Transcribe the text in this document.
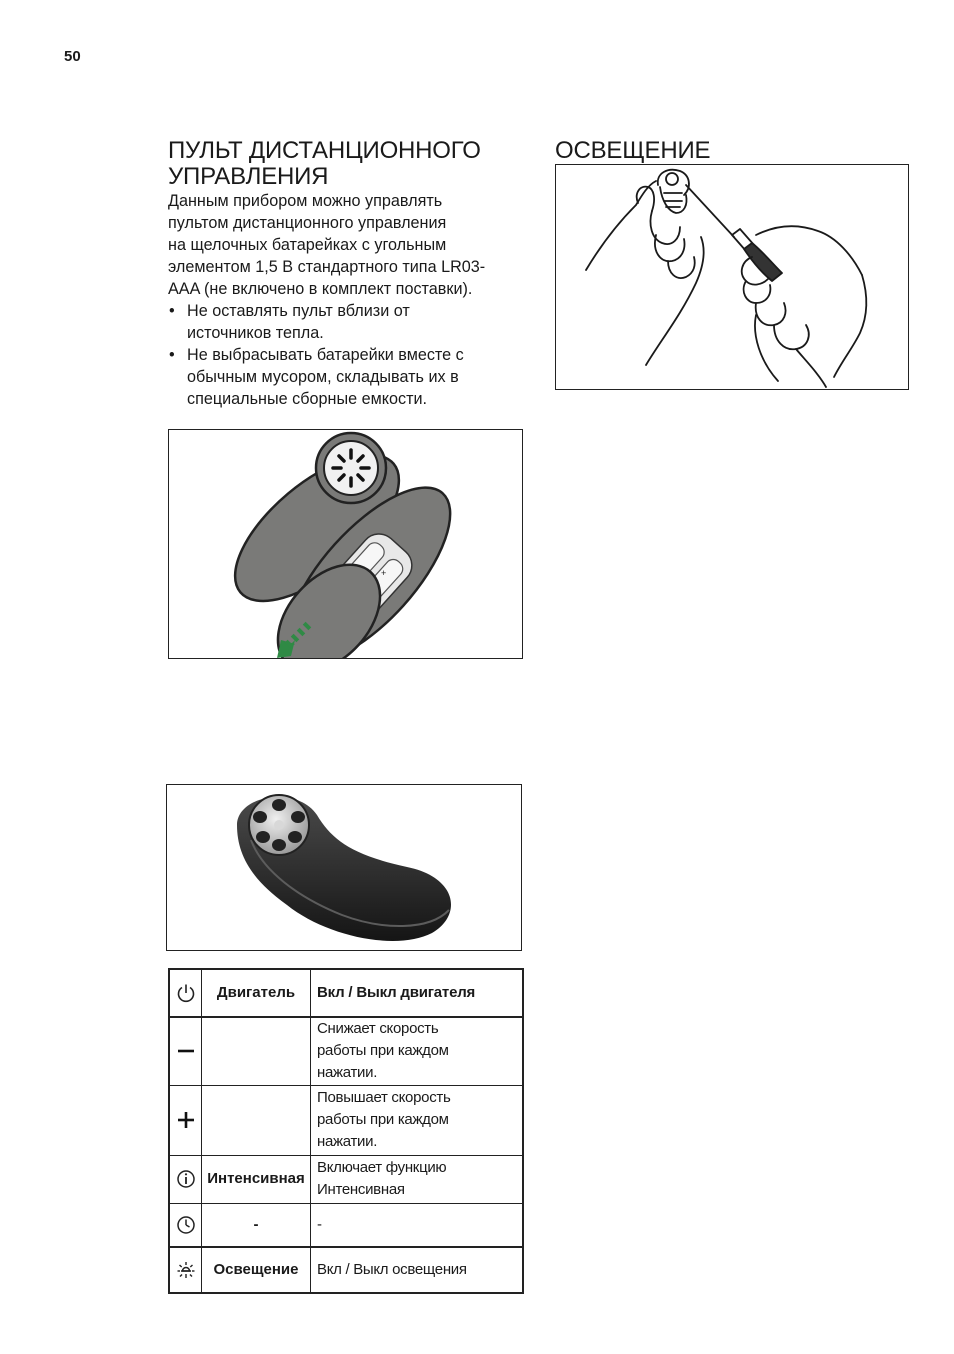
50
ПУЛЬТ ДИСТАНЦИОННОГО
УПРАВЛЕНИЯ

Данным прибором можно управлять
пультом дистанционного управления
на щелочных батарейках с угольным
элементом 1,5 В стандартного типа LR03-
AAA (не включено в комплект поставки).

• Не оставлять пульт вблизи от
источников тепла.
• Не выбрасывать батарейки вместе с
обычным мусором, складывать их в
специальные сборные емкости.
+
	Двигатель	Вкл / Выкл двигателя
		Снижает скорость
работы при каждом
нажатии.
		Повышает скорость
работы при каждом
нажатии.
	Интенсивная	Включает функцию
Интенсивная
	-	-
	Освещение	Вкл / Выкл освещения
ОСВЕЩЕНИЕ
